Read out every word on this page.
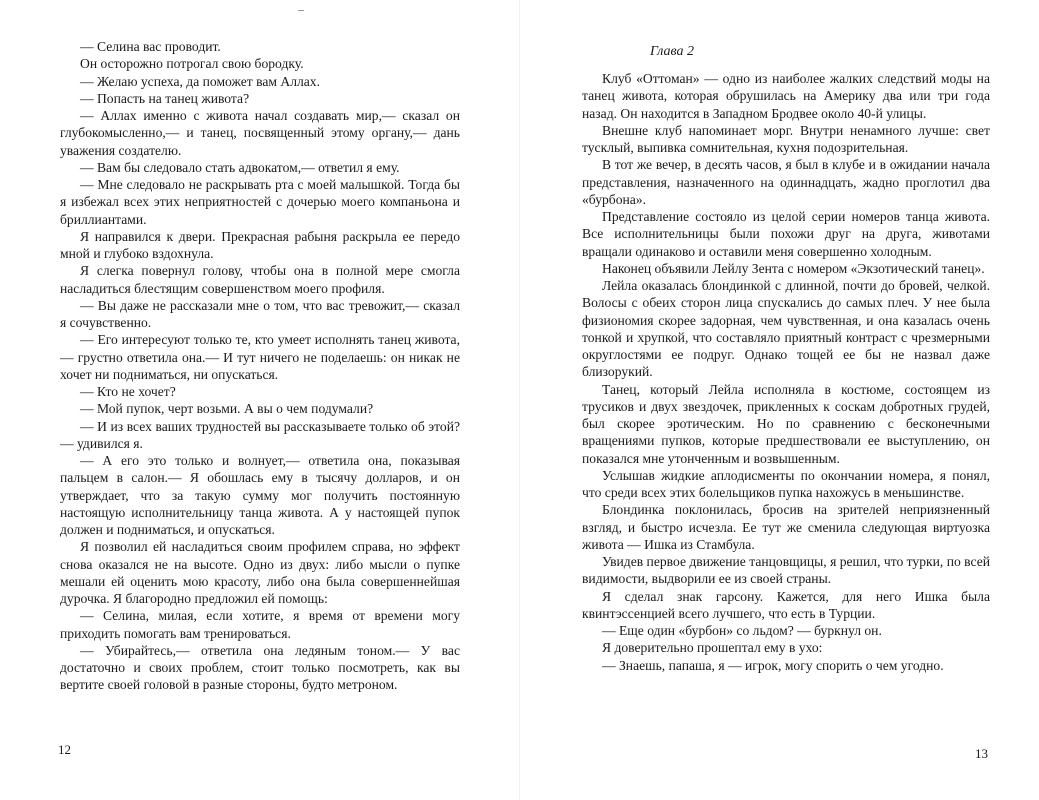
— Селина вас проводит.

Он осторожно потрогал свою бородку.

— Желаю успеха, да поможет вам Аллах.

— Попасть на танец живота?

— Аллах именно с живота начал создавать мир,— сказал он глубокомысленно,— и танец, посвященный этому органу,— дань уважения создателю.

— Вам бы следовало стать адвокатом,— ответил я ему.

— Мне следовало не раскрывать рта с моей малышкой. Тогда бы я избежал всех этих неприятностей с дочерью моего компаньона и бриллиантами.

Я направился к двери. Прекрасная рабыня раскрыла ее передо мной и глубоко вздохнула.

Я слегка повернул голову, чтобы она в полной мере смогла насладиться блестящим совершенством моего профиля.

— Вы даже не рассказали мне о том, что вас тревожит,— сказал я сочувственно.

— Его интересуют только те, кто умеет исполнять танец живота,— грустно ответила она.— И тут ничего не поделаешь: он никак не хочет ни подниматься, ни опускаться.

— Кто не хочет?

— Мой пупок, черт возьми. А вы о чем подумали?

— И из всех ваших трудностей вы рассказываете только об этой? — удивился я.

— А его это только и волнует,— ответила она, показывая пальцем в салон.— Я обошлась ему в тысячу долларов, и он утверждает, что за такую сумму мог получить постоянную настоящую исполнительницу танца живота. А у настоящей пупок должен и подниматься, и опускаться.

Я позволил ей насладиться своим профилем справа, но эффект снова оказался не на высоте. Одно из двух: либо мысли о пупке мешали ей оценить мою красоту, либо она была совершеннейшая дурочка. Я благородно предложил ей помощь:

— Селина, милая, если хотите, я время от времени могу приходить помогать вам тренироваться.

— Убирайтесь,— ответила она ледяным тоном.— У вас достаточно и своих проблем, стоит только посмотреть, как вы вертите своей головой в разные стороны, будто метроном.

12
Глава 2

Клуб «Оттоман» — одно из наиболее жалких следствий моды на танец живота, которая обрушилась на Америку два или три года назад. Он находится в Западном Бродвее около 40-й улицы.

Внешне клуб напоминает морг. Внутри ненамного лучше: свет тусклый, выпивка сомнительная, кухня подозрительная.

В тот же вечер, в десять часов, я был в клубе и в ожидании начала представления, назначенного на одиннадцать, жадно проглотил два «бурбона».

Представление состояло из целой серии номеров танца живота. Все исполнительницы были похожи друг на друга, животами вращали одинаково и оставили меня совершенно холодным.

Наконец объявили Лейлу Зента с номером «Экзотический танец».

Лейла оказалась блондинкой с длинной, почти до бровей, челкой. Волосы с обеих сторон лица спускались до самых плеч. У нее была физиономия скорее задорная, чем чувственная, и она казалась очень тонкой и хрупкой, что составляло приятный контраст с чрезмерными округлостями ее подруг. Однако тощей ее бы не назвал даже близорукий.

Танец, который Лейла исполняла в костюме, состоящем из трусиков и двух звездочек, прикленных к соскам добротных грудей, был скорее эротическим. Но по сравнению с бесконечными вращениями пупков, которые предшествовали ее выступлению, он показался мне утонченным и возвышенным.

Услышав жидкие аплодисменты по окончании номера, я понял, что среди всех этих болельщиков пупка нахожусь в меньшинстве.

Блондинка поклонилась, бросив на зрителей неприязненный взгляд, и быстро исчезла. Ее тут же сменила следующая виртуозка живота — Ишка из Стамбула.

Увидев первое движение танцовщицы, я решил, что турки, по всей видимости, выдворили ее из своей страны.

Я сделал знак гарсону. Кажется, для него Ишка была квинтэссенцией всего лучшего, что есть в Турции.

— Еще один «бурбон» со льдом? — буркнул он.

Я доверительно прошептал ему в ухо:

— Знаешь, папаша, я — игрок, могу спорить о чем угодно.

13
